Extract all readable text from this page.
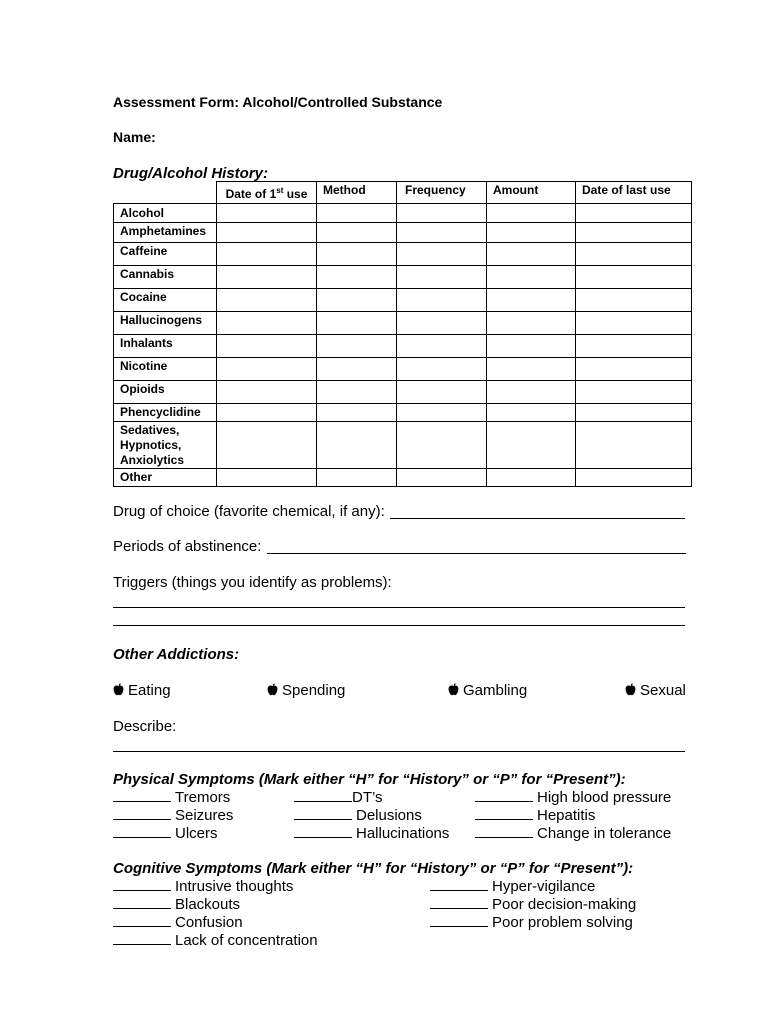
Assessment Form: Alcohol/Controlled Substance
Name:
Drug/Alcohol History:
	Date of 1st use	Method	Frequency	Amount	Date of last use
Alcohol					
Amphetamines					
Caffeine					
Cannabis					
Cocaine					
Hallucinogens					
Inhalants					
Nicotine					
Opioids					
Phencyclidine					

Sedatives,
Hypnotics,
Anxiolytics					

Other					
Drug of choice (favorite chemical, if any):
Periods of abstinence:
Triggers (things you identify as problems):
Other Addictions:
Eating	Spending	Gambling	Sexual
Describe:
Physical Symptoms (Mark either “H” for “History” or “P” for “Present”):
Tremors	DT’s	High blood pressure
Seizures	Delusions	Hepatitis
Ulcers	Hallucinations	Change in tolerance
Cognitive Symptoms (Mark either “H” for “History” or “P” for “Present”):
Intrusive thoughts	Hyper-vigilance
Blackouts	Poor decision-making
Confusion	Poor problem solving
Lack of concentration
